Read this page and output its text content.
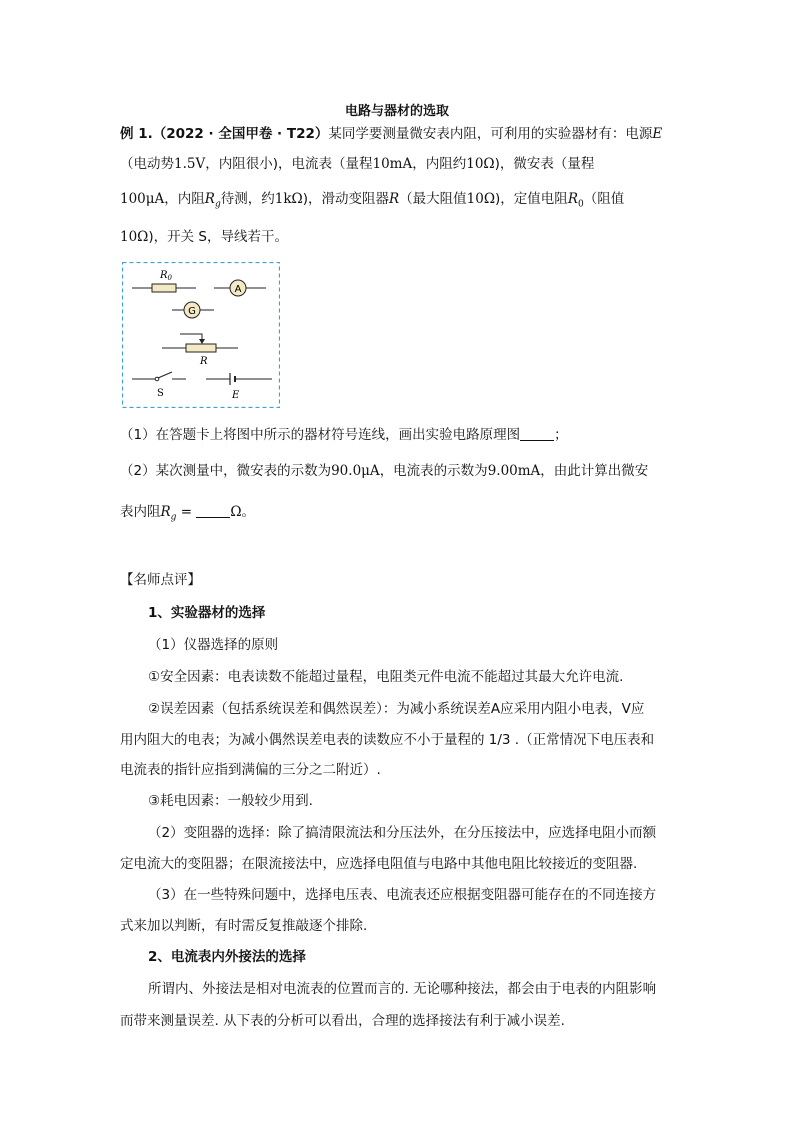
电路与器材的选取
例 1.（2022 · 全国甲卷 · T22）某同学要测量微安表内阻，可利用的实验器材有：电源E
（电动势1.5V，内阻很小)，电流表（量程10mA，内阻约10Ω)，微安表（量程
100μA，内阻$R_g$待测，约1kΩ)，滑动变阻器R（最大阻值10Ω)，定值电阻$R_0$（阻值
10Ω)，开关 S，导线若干。
$R_0$
A
G
R
S	E
（1）在答题卡上将图中所示的器材符号连线，画出实验电路原理图	；
（2）某次测量中，微安表的示数为90.0μA，电流表的示数为9.00mA，由此计算出微安
表内阻$R_g$ =	Ω。
【名师点评】
1、实验器材的选择
（1）仪器选择的原则
①安全因素：电表读数不能超过量程，电阻类元件电流不能超过其最大允许电流.
②误差因素（包括系统误差和偶然误差）：为减小系统误差A应采用内阻小电表，V应
用内阻大的电表；为减小偶然误差电表的读数应不小于量程的 1/3 .（正常情况下电压表和
电流表的指针应指到满偏的三分之二附近）.
③耗电因素：一般较少用到.
（2）变阻器的选择：除了搞清限流法和分压法外，在分压接法中，应选择电阻小而额
定电流大的变阻器；在限流接法中，应选择电阻值与电路中其他电阻比较接近的变阻器.
（3）在一些特殊问题中，选择电压表、电流表还应根据变阻器可能存在的不同连接方
式来加以判断，有时需反复推敲逐个排除.
2、电流表内外接法的选择
所谓内、外接法是相对电流表的位置而言的. 无论哪种接法，都会由于电表的内阻影响
而带来测量误差. 从下表的分析可以看出，合理的选择接法有利于减小误差.
